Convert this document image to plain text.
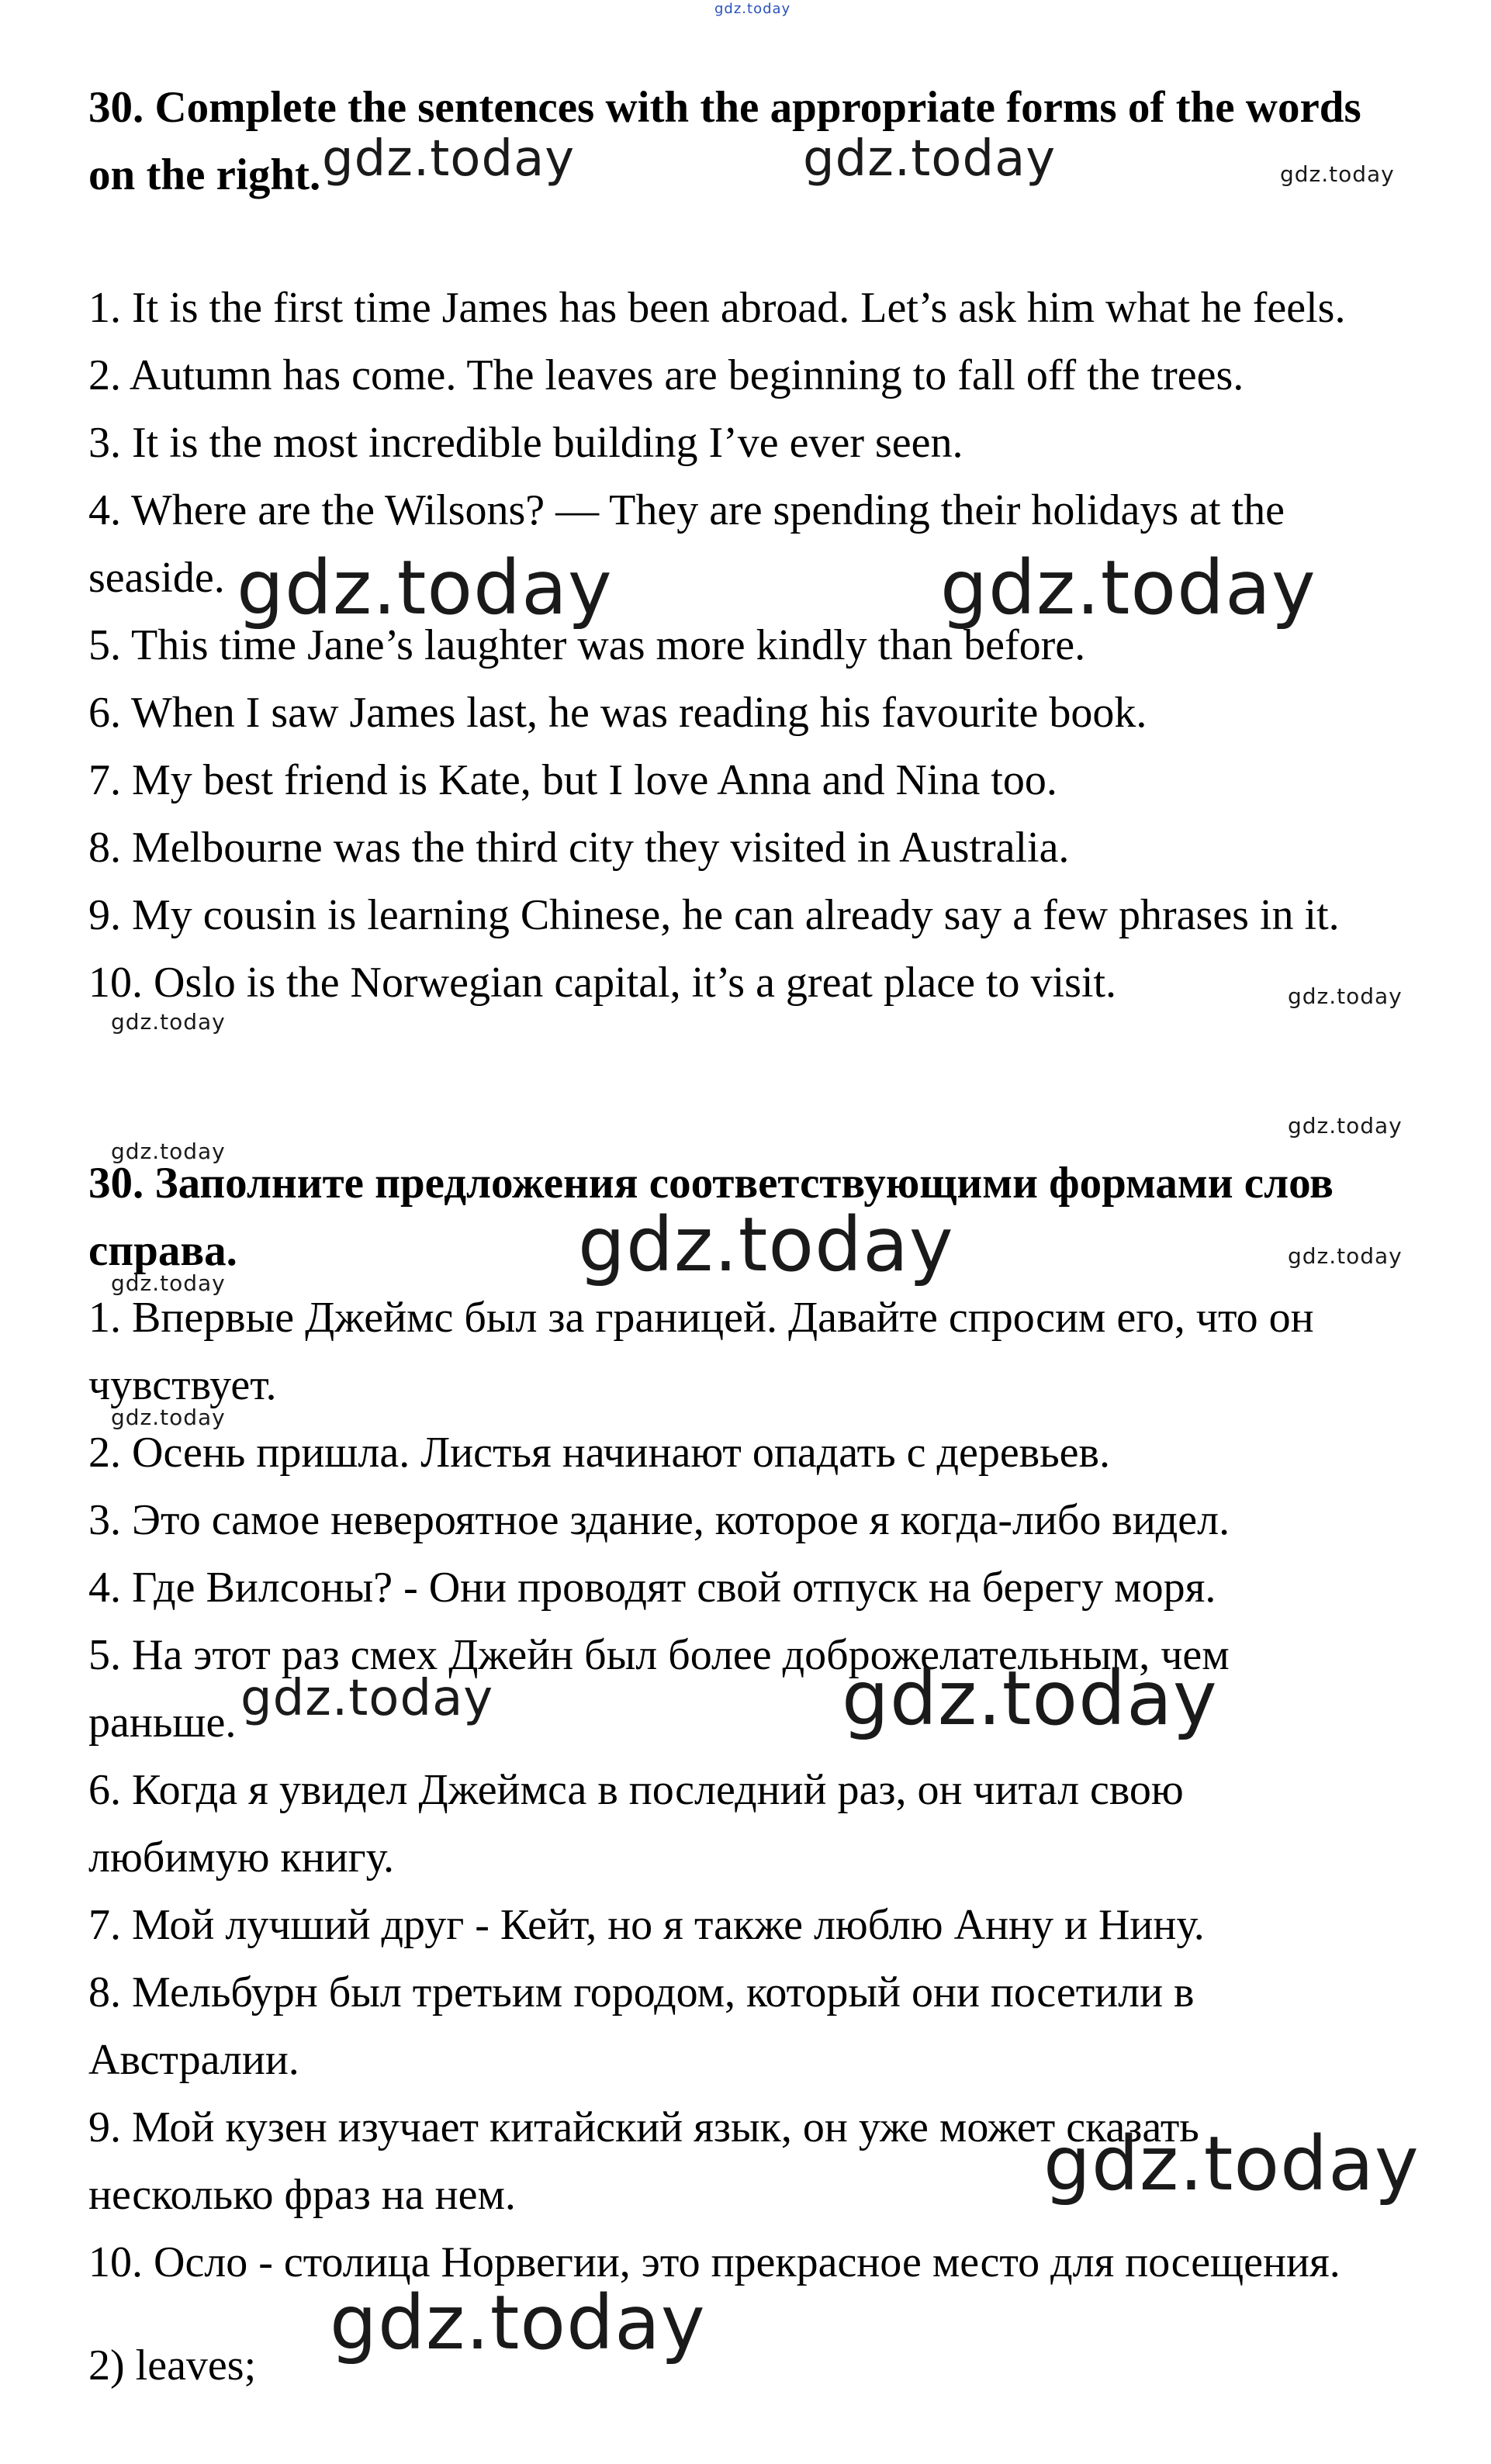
gdz.today
30. Complete the sentences with the appropriate forms of the words on the right.
1. It is the first time James has been abroad. Let’s ask him what he feels.
2. Autumn has come. The leaves are beginning to fall off the trees.
3. It is the most incredible building I’ve ever seen.
4. Where are the Wilsons? — They are spending their holidays at the
seaside.
5. This time Jane’s laughter was more kindly than before.
6. When I saw James last, he was reading his favourite book.
7. My best friend is Kate, but I love Anna and Nina too.
8. Melbourne was the third city they visited in Australia.
9. My cousin is learning Chinese, he can already say a few phrases in it.
10. Oslo is the Norwegian capital, it’s a great place to visit.
30. Заполните предложения соответствующими формами слов справа.
1. Впервые Джеймс был за границей. Давайте спросим его, что он
чувствует.
2. Осень пришла. Листья начинают опадать с деревьев.
3. Это самое невероятное здание, которое я когда-либо видел.
4. Где Вилсоны? - Они проводят свой отпуск на берегу моря.
5. На этот раз смех Джейн был более доброжелательным, чем
раньше.
6. Когда я увидел Джеймса в последний раз, он читал свою
любимую книгу.
7. Мой лучший друг - Кейт, но я также люблю Анну и Нину.
8. Мельбурн был третьим городом, который они посетили в
Австралии.
9. Мой кузен изучает китайский язык, он уже может сказать
несколько фраз на нем.
10. Осло - столица Норвегии, это прекрасное место для посещения.
2) leaves;
gdz.today	gdz.today	gdz.today
gdz.today	gdz.today
gdz.today
gdz.today
gdz.today
gdz.today
gdz.today	gdz.today
gdz.today
gdz.today
gdz.today	gdz.today
gdz.today
gdz.today
